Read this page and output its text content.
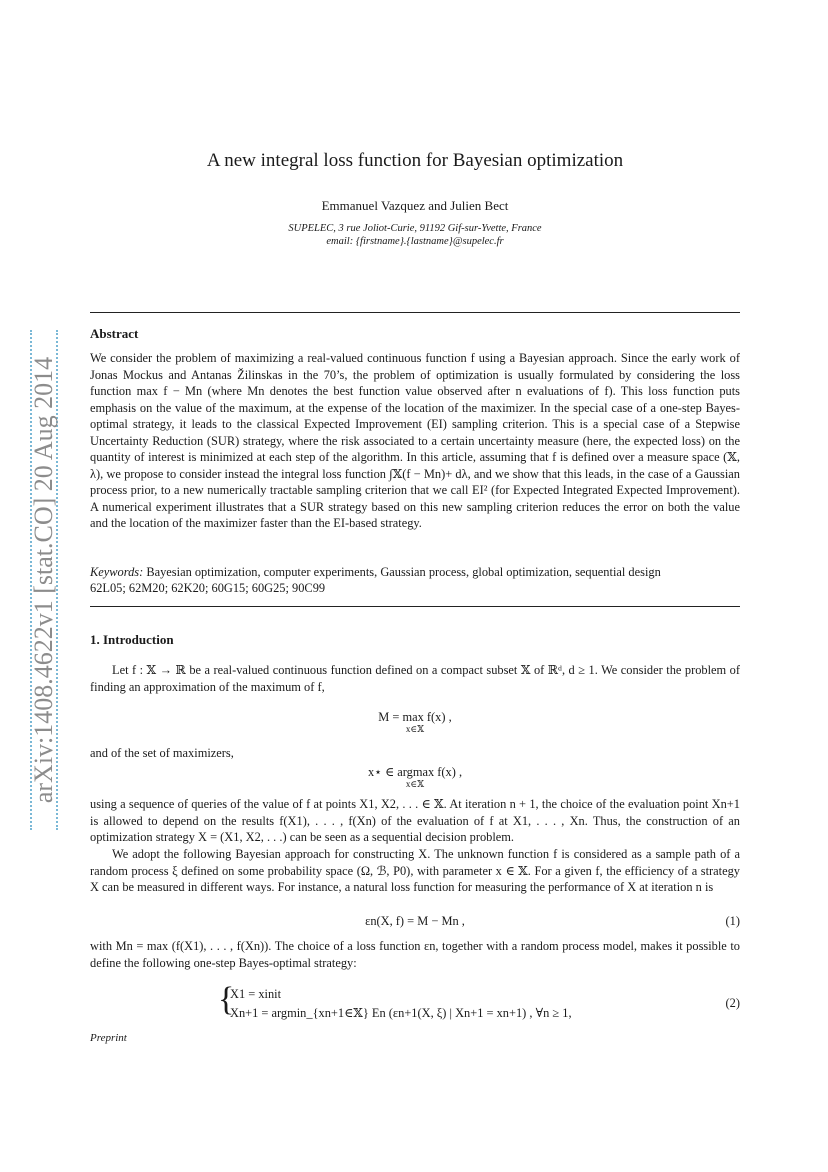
arXiv:1408.4622v1 [stat.CO] 20 Aug 2014
A new integral loss function for Bayesian optimization
Emmanuel Vazquez and Julien Bect
SUPELEC, 3 rue Joliot-Curie, 91192 Gif-sur-Yvette, France
email: {firstname}.{lastname}@supelec.fr
Abstract
We consider the problem of maximizing a real-valued continuous function f using a Bayesian approach. Since the early work of Jonas Mockus and Antanas Žilinskas in the 70’s, the problem of optimization is usually formulated by considering the loss function max f − Mn (where Mn denotes the best function value observed after n evaluations of f). This loss function puts emphasis on the value of the maximum, at the expense of the location of the maximizer. In the special case of a one-step Bayes-optimal strategy, it leads to the classical Expected Improvement (EI) sampling criterion. This is a special case of a Stepwise Uncertainty Reduction (SUR) strategy, where the risk associated to a certain uncertainty measure (here, the expected loss) on the quantity of interest is minimized at each step of the algorithm. In this article, assuming that f is defined over a measure space (𝕏, λ), we propose to consider instead the integral loss function ∫𝕏(f − Mn)+ dλ, and we show that this leads, in the case of a Gaussian process prior, to a new numerically tractable sampling criterion that we call EI² (for Expected Integrated Expected Improvement). A numerical experiment illustrates that a SUR strategy based on this new sampling criterion reduces the error on both the value and the location of the maximizer faster than the EI-based strategy.
Keywords: Bayesian optimization, computer experiments, Gaussian process, global optimization, sequential design
62L05; 62M20; 62K20; 60G15; 60G25; 90C99
1. Introduction
Let f : 𝕏 → ℝ be a real-valued continuous function defined on a compact subset 𝕏 of ℝᵈ, d ≥ 1. We consider the problem of finding an approximation of the maximum of f,
M = max f(x) ,
x∈𝕏
and of the set of maximizers,
x⋆ ∈ argmax f(x) ,
x∈𝕏
using a sequence of queries of the value of f at points X1, X2, . . . ∈ 𝕏. At iteration n + 1, the choice of the evaluation point Xn+1 is allowed to depend on the results f(X1), . . . , f(Xn) of the evaluation of f at X1, . . . , Xn. Thus, the construction of an optimization strategy X = (X1, X2, . . .) can be seen as a sequential decision problem.
We adopt the following Bayesian approach for constructing X. The unknown function f is considered as a sample path of a random process ξ defined on some probability space (Ω, ℬ, P0), with parameter x ∈ 𝕏. For a given f, the efficiency of a strategy X can be measured in different ways. For instance, a natural loss function for measuring the performance of X at iteration n is
εn(X, f) = M − Mn ,	(1)
with Mn = max (f(X1), . . . , f(Xn)). The choice of a loss function εn, together with a random process model, makes it possible to define the following one-step Bayes-optimal strategy:
{
X1 = xinit
Xn+1 = argmin_{xn+1∈𝕏} En (εn+1(X, ξ) | Xn+1 = xn+1) , ∀n ≥ 1,
(2)
Preprint
